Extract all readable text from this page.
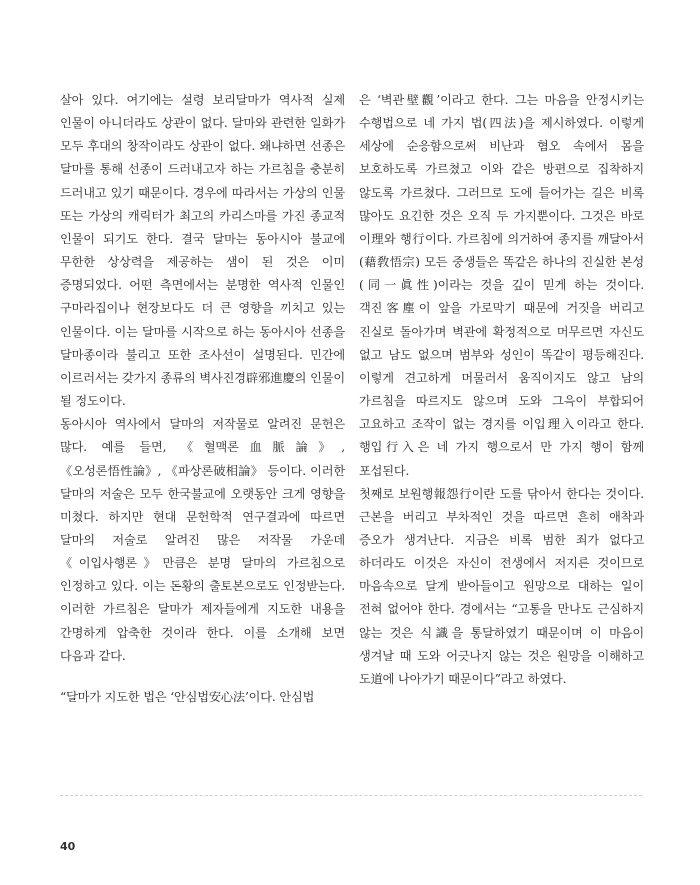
살아 있다. 여기에는 설령 보리달마가 역사적 실제 인물이 아니더라도 상관이 없다. 달마와 관련한 일화가 모두 후대의 창작이라도 상관이 없다. 왜냐하면 선종은 달마를 통해 선종이 드러내고자 하는 가르침을 충분히 드러내고 있기 때문이다. 경우에 따라서는 가상의 인물 또는 가상의 캐릭터가 최고의 카리스마를 가진 종교적 인물이 되기도 한다. 결국 달마는 동아시아 불교에 무한한 상상력을 제공하는 샘이 된 것은 이미 증명되었다. 어떤 측면에서는 분명한 역사적 인물인 구마라집이나 현장보다도 더 큰 영향을 끼치고 있는 인물이다. 이는 달마를 시작으로 하는 동아시아 선종을 달마종이라 불리고 또한 조사선이 설명된다. 민간에 이르러서는 갖가지 종류의 벽사진경辟邪進慶의 인물이 될 정도이다.

동아시아 역사에서 달마의 저작물로 알려진 문헌은 많다. 예를 들면, 《혈맥론血脈論》, 《오성론悟性論》, 《파상론破相論》 등이다. 이러한 달마의 저술은 모두 한국불교에 오랫동안 크게 영향을 미쳤다. 하지만 현대 문헌학적 연구결과에 따르면 달마의 저술로 알려진 많은 저작물 가운데 《이입사행론》만큼은 분명 달마의 가르침으로 인정하고 있다. 이는 돈황의 출토본으로도 인정받는다. 이러한 가르침은 달마가 제자들에게 지도한 내용을 간명하게 압축한 것이라 한다. 이를 소개해 보면 다음과 같다.

“달마가 지도한 법은 ‘안심법安心法’이다. 안심법

은 ‘벽관壁觀’이라고 한다. 그는 마음을 안정시키는 수행법으로 네 가지 법(四法)을 제시하였다. 이렇게 세상에 순응함으로써 비난과 혐오 속에서 몸을 보호하도록 가르쳤고 이와 같은 방편으로 집착하지 않도록 가르쳤다. 그러므로 도에 들어가는 길은 비록 많아도 요긴한 것은 오직 두 가지뿐이다. 그것은 바로 이理와 행行이다. 가르침에 의거하여 종지를 깨달아서(藉敎悟宗) 모든 중생들은 똑같은 하나의 진실한 본성(同一眞性)이라는 것을 깊이 믿게 하는 것이다. 객진客塵이 앞을 가로막기 때문에 거짓을 버리고 진실로 돌아가며 벽관에 확정적으로 머무르면 자신도 없고 남도 없으며 범부와 성인이 똑같이 평등해진다. 이렇게 견고하게 머물러서 움직이지도 않고 남의 가르침을 따르지도 않으며 도와 그윽이 부합되어 고요하고 조작이 없는 경지를 이입理入이라고 한다. 행입行入은 네 가지 행으로서 만 가지 행이 함께 포섭된다.

첫째로 보원행報怨行이란 도를 닦아서 한다는 것이다. 근본을 버리고 부차적인 것을 따르면 흔히 애착과 증오가 생겨난다. 지금은 비록 범한 죄가 없다고 하더라도 이것은 자신이 전생에서 저지른 것이므로 마음속으로 달게 받아들이고 원망으로 대하는 일이 전혀 없어야 한다. 경에서는 “고통을 만나도 근심하지 않는 것은 식識을 통달하였기 때문이며 이 마음이 생겨날 때 도와 어긋나지 않는 것은 원망을 이해하고 도道에 나아가기 때문이다”라고 하였다.

40
